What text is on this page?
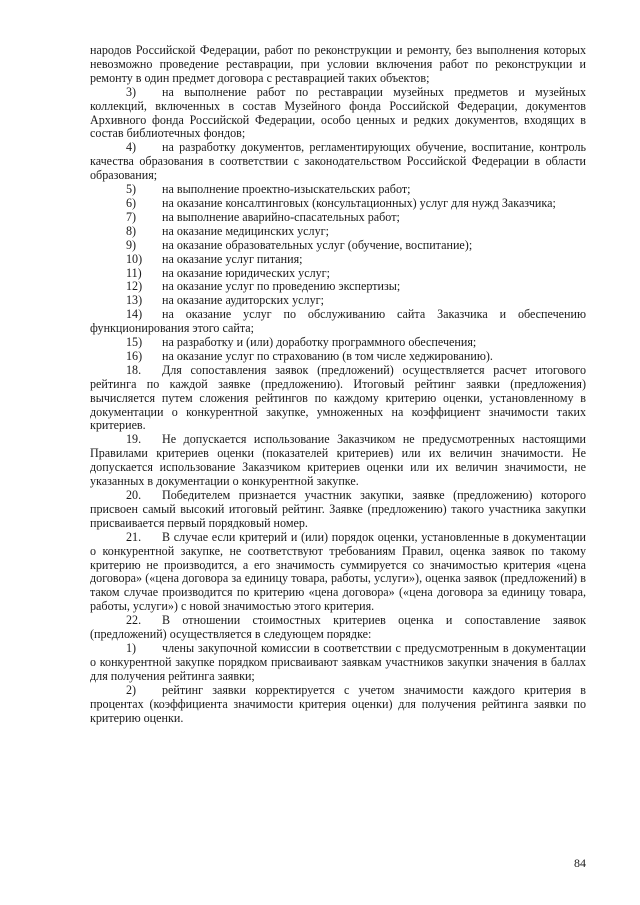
народов Российской Федерации, работ по реконструкции и ремонту, без выполнения которых невозможно проведение реставрации, при условии включения работ по реконструкции и ремонту в один предмет договора с реставрацией таких объектов;

3) на выполнение работ по реставрации музейных предметов и музейных коллекций, включенных в состав Музейного фонда Российской Федерации, документов Архивного фонда Российской Федерации, особо ценных и редких документов, входящих в состав библиотечных фондов;

4) на разработку документов, регламентирующих обучение, воспитание, контроль качества образования в соответствии с законодательством Российской Федерации в области образования;

5)	на выполнение проектно-изыскательских работ;
6)	на оказание консалтинговых (консультационных) услуг для нужд Заказчика;
7)	на выполнение аварийно-спасательных работ;
8)	на оказание медицинских услуг;
9)	на оказание образовательных услуг (обучение, воспитание);
10)	на оказание услуг питания;
11)	на оказание юридических услуг;
12)	на оказание услуг по проведению экспертизы;
13)	на оказание аудиторских услуг;

14) на оказание услуг по обслуживанию сайта Заказчика и обеспечению функционирования этого сайта;

15)	на разработку и (или) доработку программного обеспечения;
16)	на оказание услуг по страхованию (в том числе хеджированию).

18. Для сопоставления заявок (предложений) осуществляется расчет итогового рейтинга по каждой заявке (предложению). Итоговый рейтинг заявки (предложения) вычисляется путем сложения рейтингов по каждому критерию оценки, установленному в документации о конкурентной закупке, умноженных на коэффициент значимости таких критериев.

19. Не допускается использование Заказчиком не предусмотренных настоящими Правилами критериев оценки (показателей критериев) или их величин значимости. Не допускается использование Заказчиком критериев оценки или их величин значимости, не указанных в документации о конкурентной закупке.

20. Победителем признается участник закупки, заявке (предложению) которого присвоен самый высокий итоговый рейтинг. Заявке (предложению) такого участника закупки присваивается первый порядковый номер.

21. В случае если критерий и (или) порядок оценки, установленные в документации о конкурентной закупке, не соответствуют требованиям Правил, оценка заявок по такому критерию не производится, а его значимость суммируется со значимостью критерия «цена договора» («цена договора за единицу товара, работы, услуги»), оценка заявок (предложений) в таком случае производится по критерию «цена договора» («цена договора за единицу товара, работы, услуги») с новой значимостью этого критерия.

22. В отношении стоимостных критериев оценка и сопоставление заявок (предложений) осуществляется в следующем порядке:

1) члены закупочной комиссии в соответствии с предусмотренным в документации о конкурентной закупке порядком присваивают заявкам участников закупки значения в баллах для получения рейтинга заявки;

2) рейтинг заявки корректируется с учетом значимости каждого критерия в процентах (коэффициента значимости критерия оценки) для получения рейтинга заявки по критерию оценки.

84
